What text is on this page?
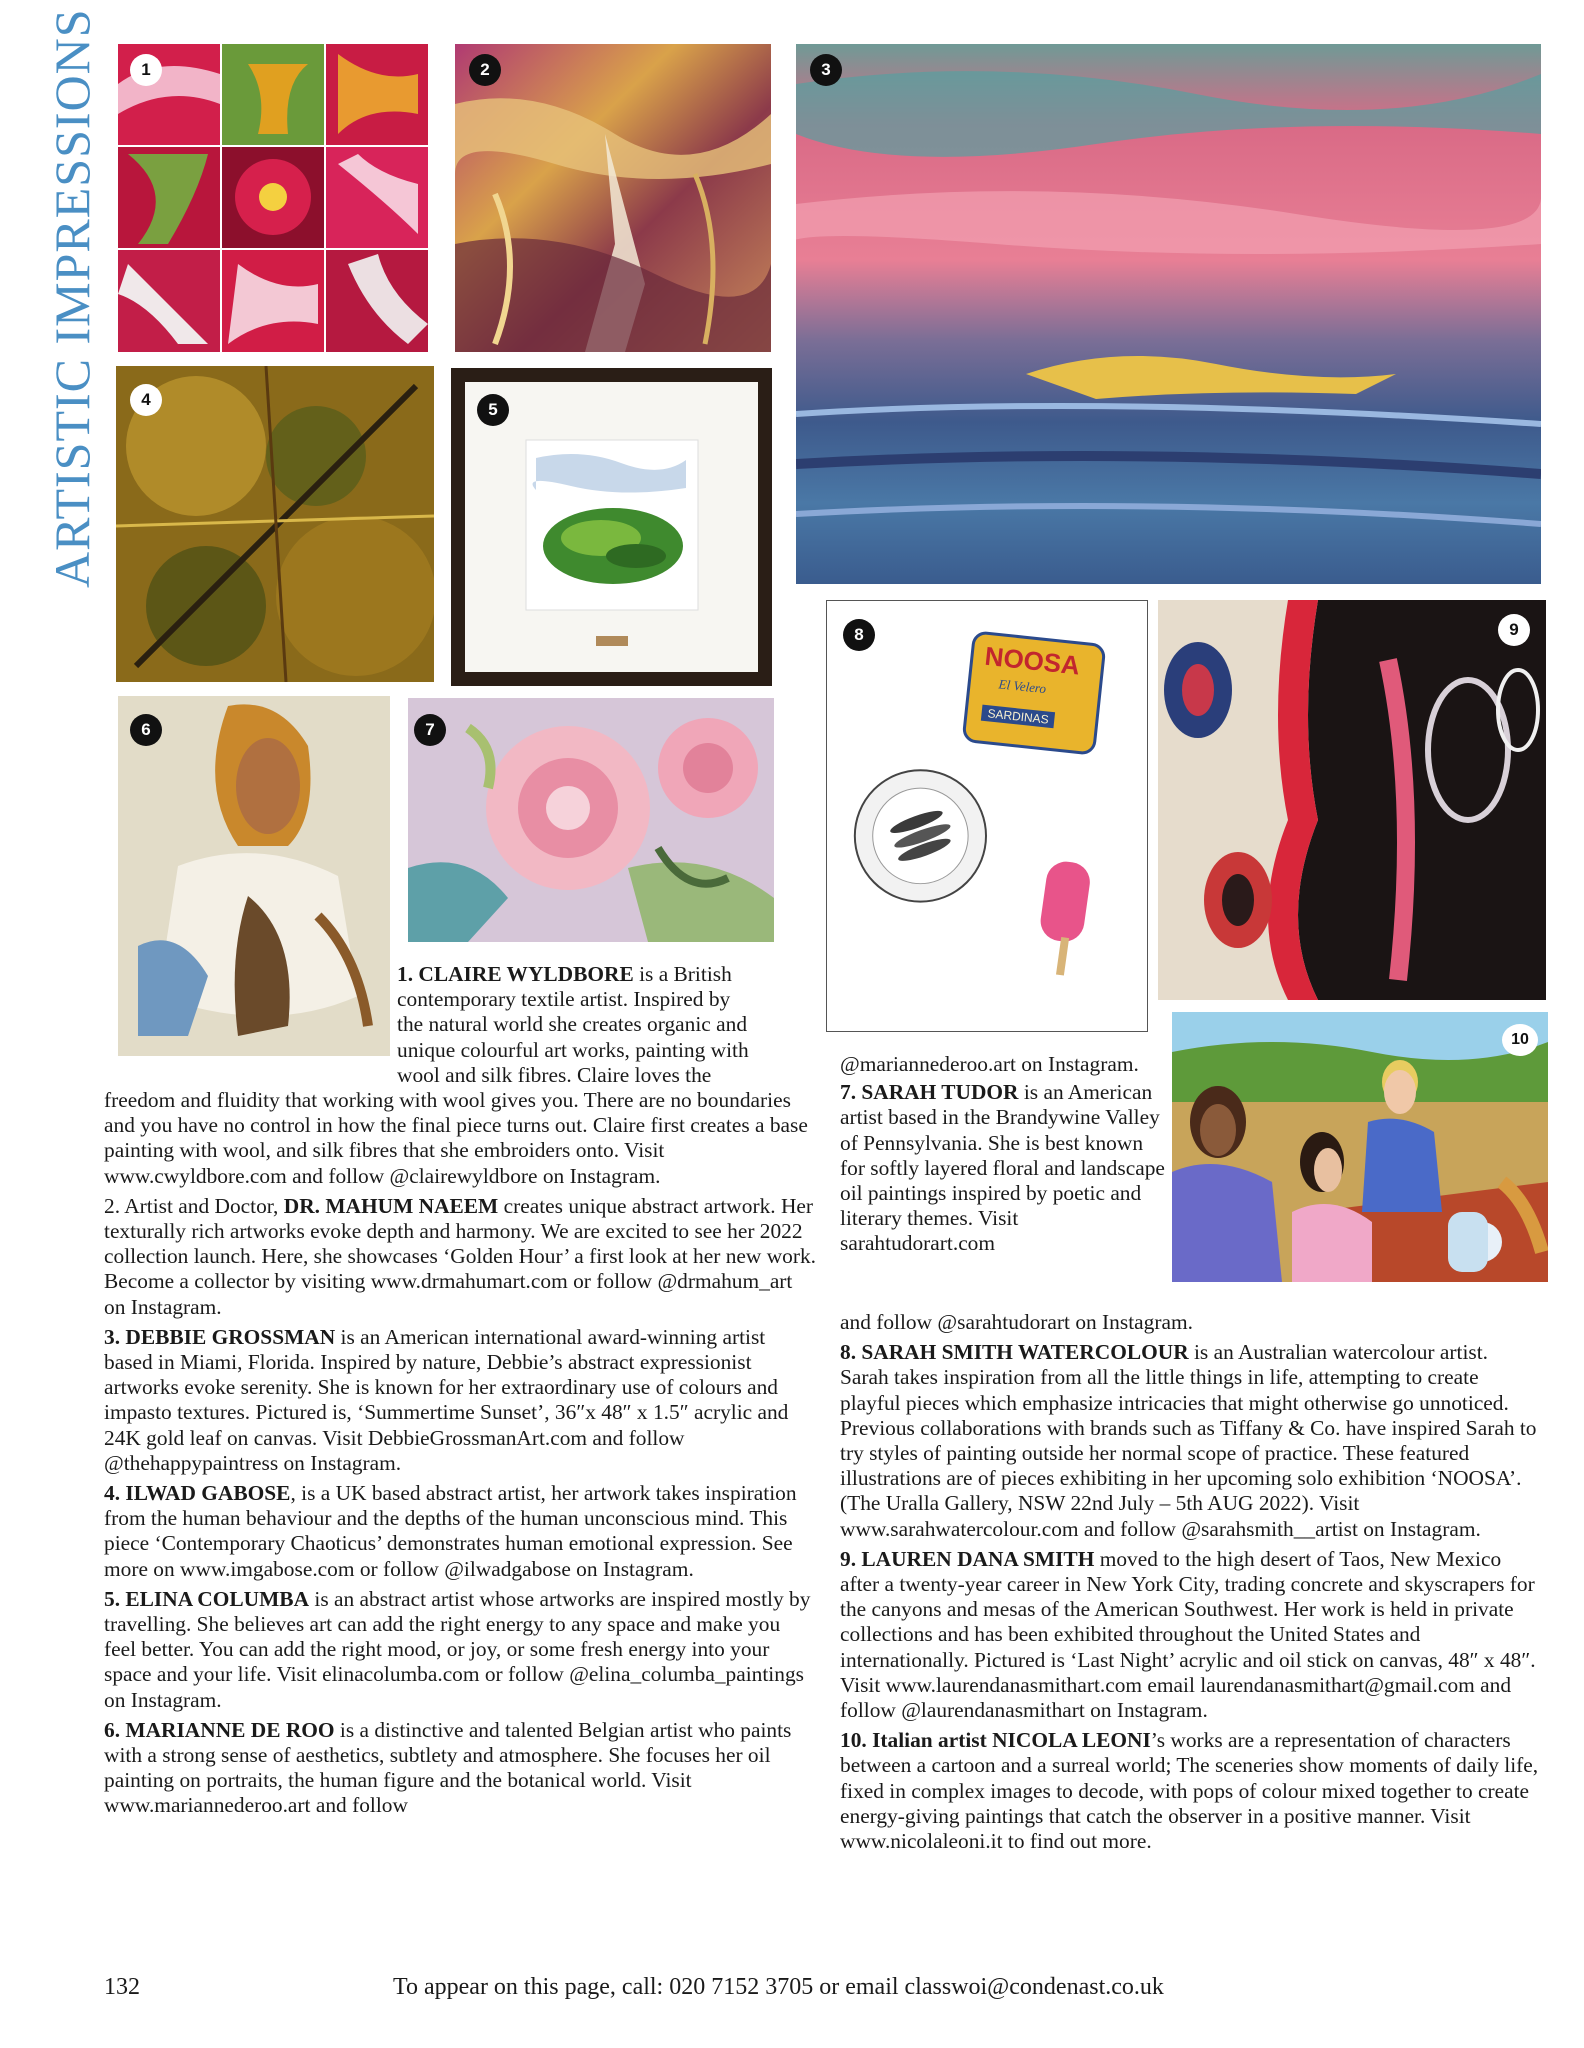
ARTISTIC IMPRESSIONS	1	2	3
4
5
6	7
NOOSA
El Velero
SARDINAS
8	9
10

1. CLAIRE WYLDBORE is a British

contemporary textile artist. Inspired by

the natural world she creates organic and

unique colourful art works, painting with

wool and silk fibres. Claire loves the

freedom and fluidity that working with wool gives you. There are no boundaries and you have no control in how the final piece turns out. Claire first creates a base painting with wool, and silk fibres that she embroiders onto. Visit www.cwyldbore.com and follow @clairewyldbore on Instagram.

2. Artist and Doctor, DR. MAHUM NAEEM creates unique abstract artwork. Her texturally rich artworks evoke depth and harmony. We are excited to see her 2022 collection launch. Here, she showcases ‘Golden Hour’ a first look at her new work. Become a collector by visiting www.drmahumart.com or follow @drmahum_art on Instagram.

3. DEBBIE GROSSMAN is an American international award-winning artist based in Miami, Florida. Inspired by nature, Debbie’s abstract expressionist artworks evoke serenity. She is known for her extraordinary use of colours and impasto textures. Pictured is, ‘Summertime Sunset’, 36″x 48″ x 1.5″ acrylic and 24K gold leaf on canvas. Visit DebbieGrossmanArt.com and follow @thehappypaintress on Instagram.

4. ILWAD GABOSE, is a UK based abstract artist, her artwork takes inspiration from the human behaviour and the depths of the human unconscious mind. This piece ‘Contemporary Chaoticus’ demonstrates human emotional expression. See more on www.imgabose.com or follow @ilwadgabose on Instagram.

5. ELINA COLUMBA is an abstract artist whose artworks are inspired mostly by travelling. She believes art can add the right energy to any space and make you feel better. You can add the right mood, or joy, or some fresh energy into your space and your life. Visit elinacolumba.com or follow @elina_columba_paintings on Instagram.

6. MARIANNE DE ROO is a distinctive and talented Belgian artist who paints with a strong sense of aesthetics, subtlety and atmosphere. She focuses her oil painting on portraits, the human figure and the botanical world. Visit www.mariannederoo.art and follow

@mariannederoo.art on Instagram.

7. SARAH TUDOR is an American artist based in the Brandywine Valley of Pennsylvania. She is best known for softly layered floral and landscape oil paintings inspired by poetic and literary themes. Visit sarahtudorart.com

and follow @sarahtudorart on Instagram.

8. SARAH SMITH WATERCOLOUR is an Australian watercolour artist. Sarah takes inspiration from all the little things in life, attempting to create playful pieces which emphasize intricacies that might otherwise go unnoticed. Previous collaborations with brands such as Tiffany & Co. have inspired Sarah to try styles of painting outside her normal scope of practice. These featured illustrations are of pieces exhibiting in her upcoming solo exhibition ‘NOOSA’. (The Uralla Gallery, NSW 22nd July – 5th AUG 2022). Visit www.sarahwatercolour.com and follow @sarahsmith__artist on Instagram.

9. LAUREN DANA SMITH moved to the high desert of Taos, New Mexico after a twenty-year career in New York City, trading concrete and skyscrapers for the canyons and mesas of the American Southwest. Her work is held in private collections and has been exhibited throughout the United States and internationally. Pictured is ‘Last Night’ acrylic and oil stick on canvas, 48″ x 48″. Visit www.laurendanasmithart.com email laurendanasmithart@gmail.com and follow @laurendanasmithart on Instagram.

10. Italian artist NICOLA LEONI’s works are a representation of characters between a cartoon and a surreal world; The sceneries show moments of daily life, fixed in complex images to decode, with pops of colour mixed together to create energy-giving paintings that catch the observer in a positive manner. Visit www.nicolaleoni.it to find out more.

132	To appear on this page, call: 020 7152 3705 or email classwoi@condenast.co.uk
